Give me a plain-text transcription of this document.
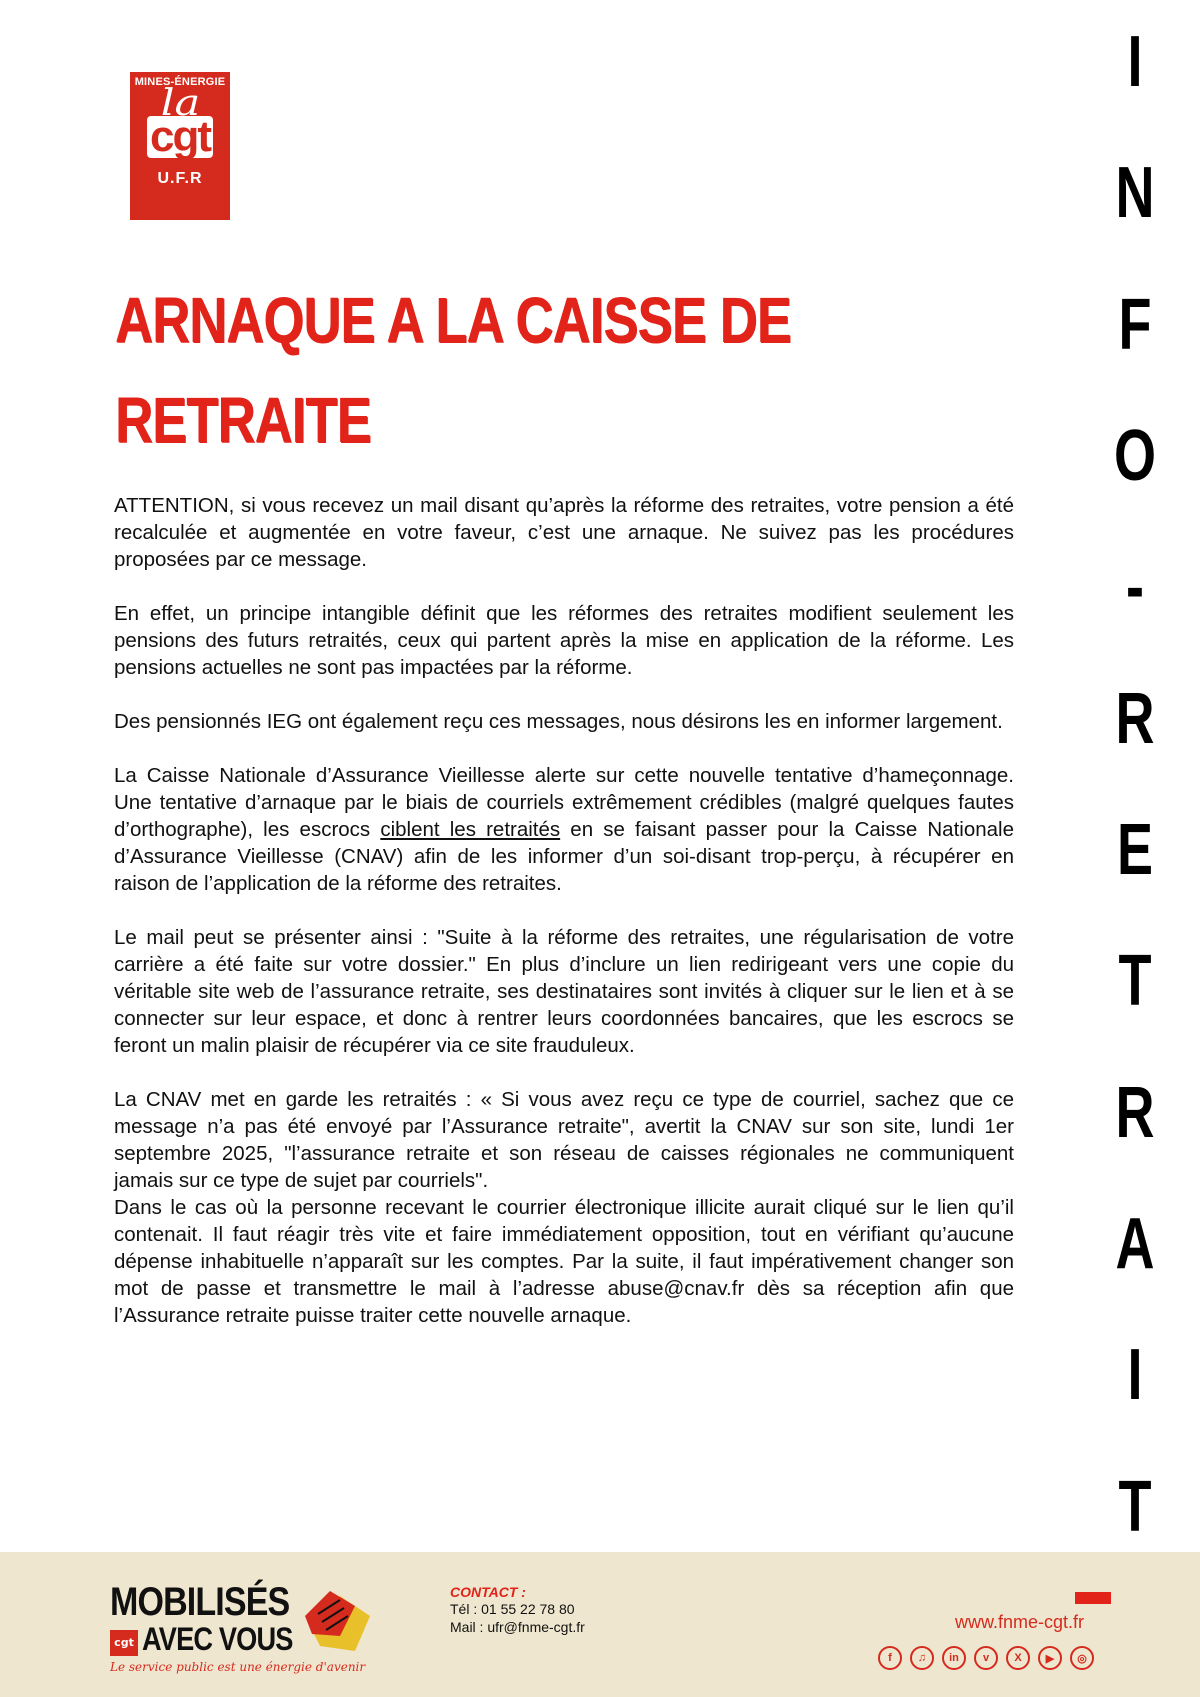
MINES-ÉNERGIE
la
cgt
U.F.R
ARNAQUE A LA CAISSE DE
RETRAITE

ATTENTION, si vous recevez un mail disant qu’après la réforme des retraites, votre pension a été recalculée et augmentée en votre faveur, c’est une arnaque. Ne suivez pas les procédures proposées par ce message.

En effet, un principe intangible définit que les réformes des retraites modifient seulement les pensions des futurs retraités, ceux qui partent après la mise en application de la réforme. Les pensions actuelles ne sont pas impactées par la réforme.

Des pensionnés IEG ont également reçu ces messages, nous désirons les en informer largement.

La Caisse Nationale d’Assurance Vieillesse alerte sur cette nouvelle tentative d’hameçonnage. Une tentative d’arnaque par le biais de courriels extrêmement crédibles (malgré quelques fautes d’orthographe), les escrocs ciblent les retraités en se faisant passer pour la Caisse Nationale d’Assurance Vieillesse (CNAV) afin de les informer d’un soi-disant trop-perçu, à récupérer en raison de l’application de la réforme des retraites.

Le mail peut se présenter ainsi : "Suite à la réforme des retraites, une régularisation de votre carrière a été faite sur votre dossier." En plus d’inclure un lien redirigeant vers une copie du véritable site web de l’assurance retraite, ses destinataires sont invités à cliquer sur le lien et à se connecter sur leur espace, et donc à rentrer leurs coordonnées bancaires, que les escrocs se feront un malin plaisir de récupérer via ce site frauduleux.

La CNAV met en garde les retraités : « Si vous avez reçu ce type de courriel, sachez que ce message n’a pas été envoyé par l’Assurance retraite", avertit la CNAV sur son site, lundi 1er septembre 2025, "l’assurance retraite et son réseau de caisses régionales ne communiquent jamais sur ce type de sujet par courriels".

Dans le cas où la personne recevant le courrier électronique illicite aurait cliqué sur le lien qu’il contenait. Il faut réagir très vite et faire immédiatement opposition, tout en vérifiant qu’aucune dépense inhabituelle n’apparaît sur les comptes. Par la suite, il faut impérativement changer son mot de passe et transmettre le mail à l’adresse abuse@cnav.fr dès sa réception afin que l’Assurance retraite puisse traiter cette nouvelle arnaque.

I
N
F
O
-
R
E
T
R
A
I
T
MOBILISÉS
AVEC VOUS
cgt
Le service public est une énergie d'avenir
CONTACT :
Tél : 01 55 22 78 80
Mail : ufr@fnme-cgt.fr	www.fnme-cgt.fr
f	♫	in	v	X	▶	◎
